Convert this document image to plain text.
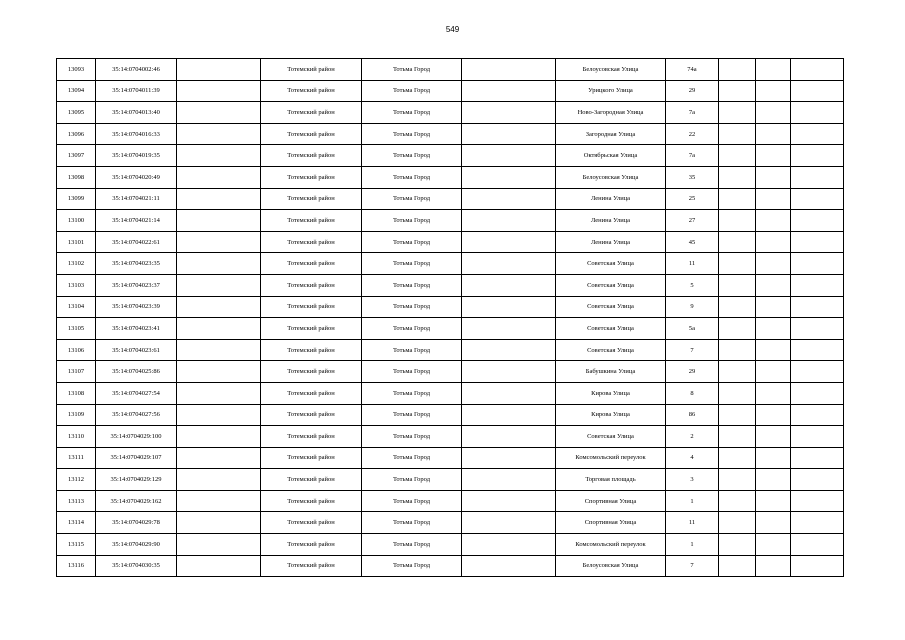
549
13093	35:14:0704002:46		Тотемский район	Тотьма Город		Белоусовская Улица	74а			
13094	35:14:0704011:39		Тотемский район	Тотьма Город		Урицкого Улица	29			
13095	35:14:0704013:40		Тотемский район	Тотьма Город		Ново-Загородная Улица	7а			
13096	35:14:0704016:33		Тотемский район	Тотьма Город		Загородная Улица	22			
13097	35:14:0704019:35		Тотемский район	Тотьма Город		Октябрьская Улица	7а			
13098	35:14:0704020:49		Тотемский район	Тотьма Город		Белоусовская Улица	35			
13099	35:14:0704021:11		Тотемский район	Тотьма Город		Ленина Улица	25			
13100	35:14:0704021:14		Тотемский район	Тотьма Город		Ленина Улица	27			
13101	35:14:0704022:61		Тотемский район	Тотьма Город		Ленина Улица	45			
13102	35:14:0704023:35		Тотемский район	Тотьма Город		Советская Улица	11			
13103	35:14:0704023:37		Тотемский район	Тотьма Город		Советская Улица	5			
13104	35:14:0704023:39		Тотемский район	Тотьма Город		Советская Улица	9			
13105	35:14:0704023:41		Тотемский район	Тотьма Город		Советская Улица	5а			
13106	35:14:0704023:61		Тотемский район	Тотьма Город		Советская Улица	7			
13107	35:14:0704025:86		Тотемский район	Тотьма Город		Бабушкина Улица	29			
13108	35:14:0704027:54		Тотемский район	Тотьма Город		Кирова Улица	8			
13109	35:14:0704027:56		Тотемский район	Тотьма Город		Кирова Улица	86			
13110	35:14:0704029:100		Тотемский район	Тотьма Город		Советская Улица	2			
13111	35:14:0704029:107		Тотемский район	Тотьма Город		Комсомольский переулок	4			
13112	35:14:0704029:129		Тотемский район	Тотьма Город		Торговая площадь	3			
13113	35:14:0704029:162		Тотемский район	Тотьма Город		Спортивная Улица	1			
13114	35:14:0704029:78		Тотемский район	Тотьма Город		Спортивная Улица	11			
13115	35:14:0704029:90		Тотемский район	Тотьма Город		Комсомольский переулок	1			
13116	35:14:0704030:35		Тотемский район	Тотьма Город		Белоусовская Улица	7			
